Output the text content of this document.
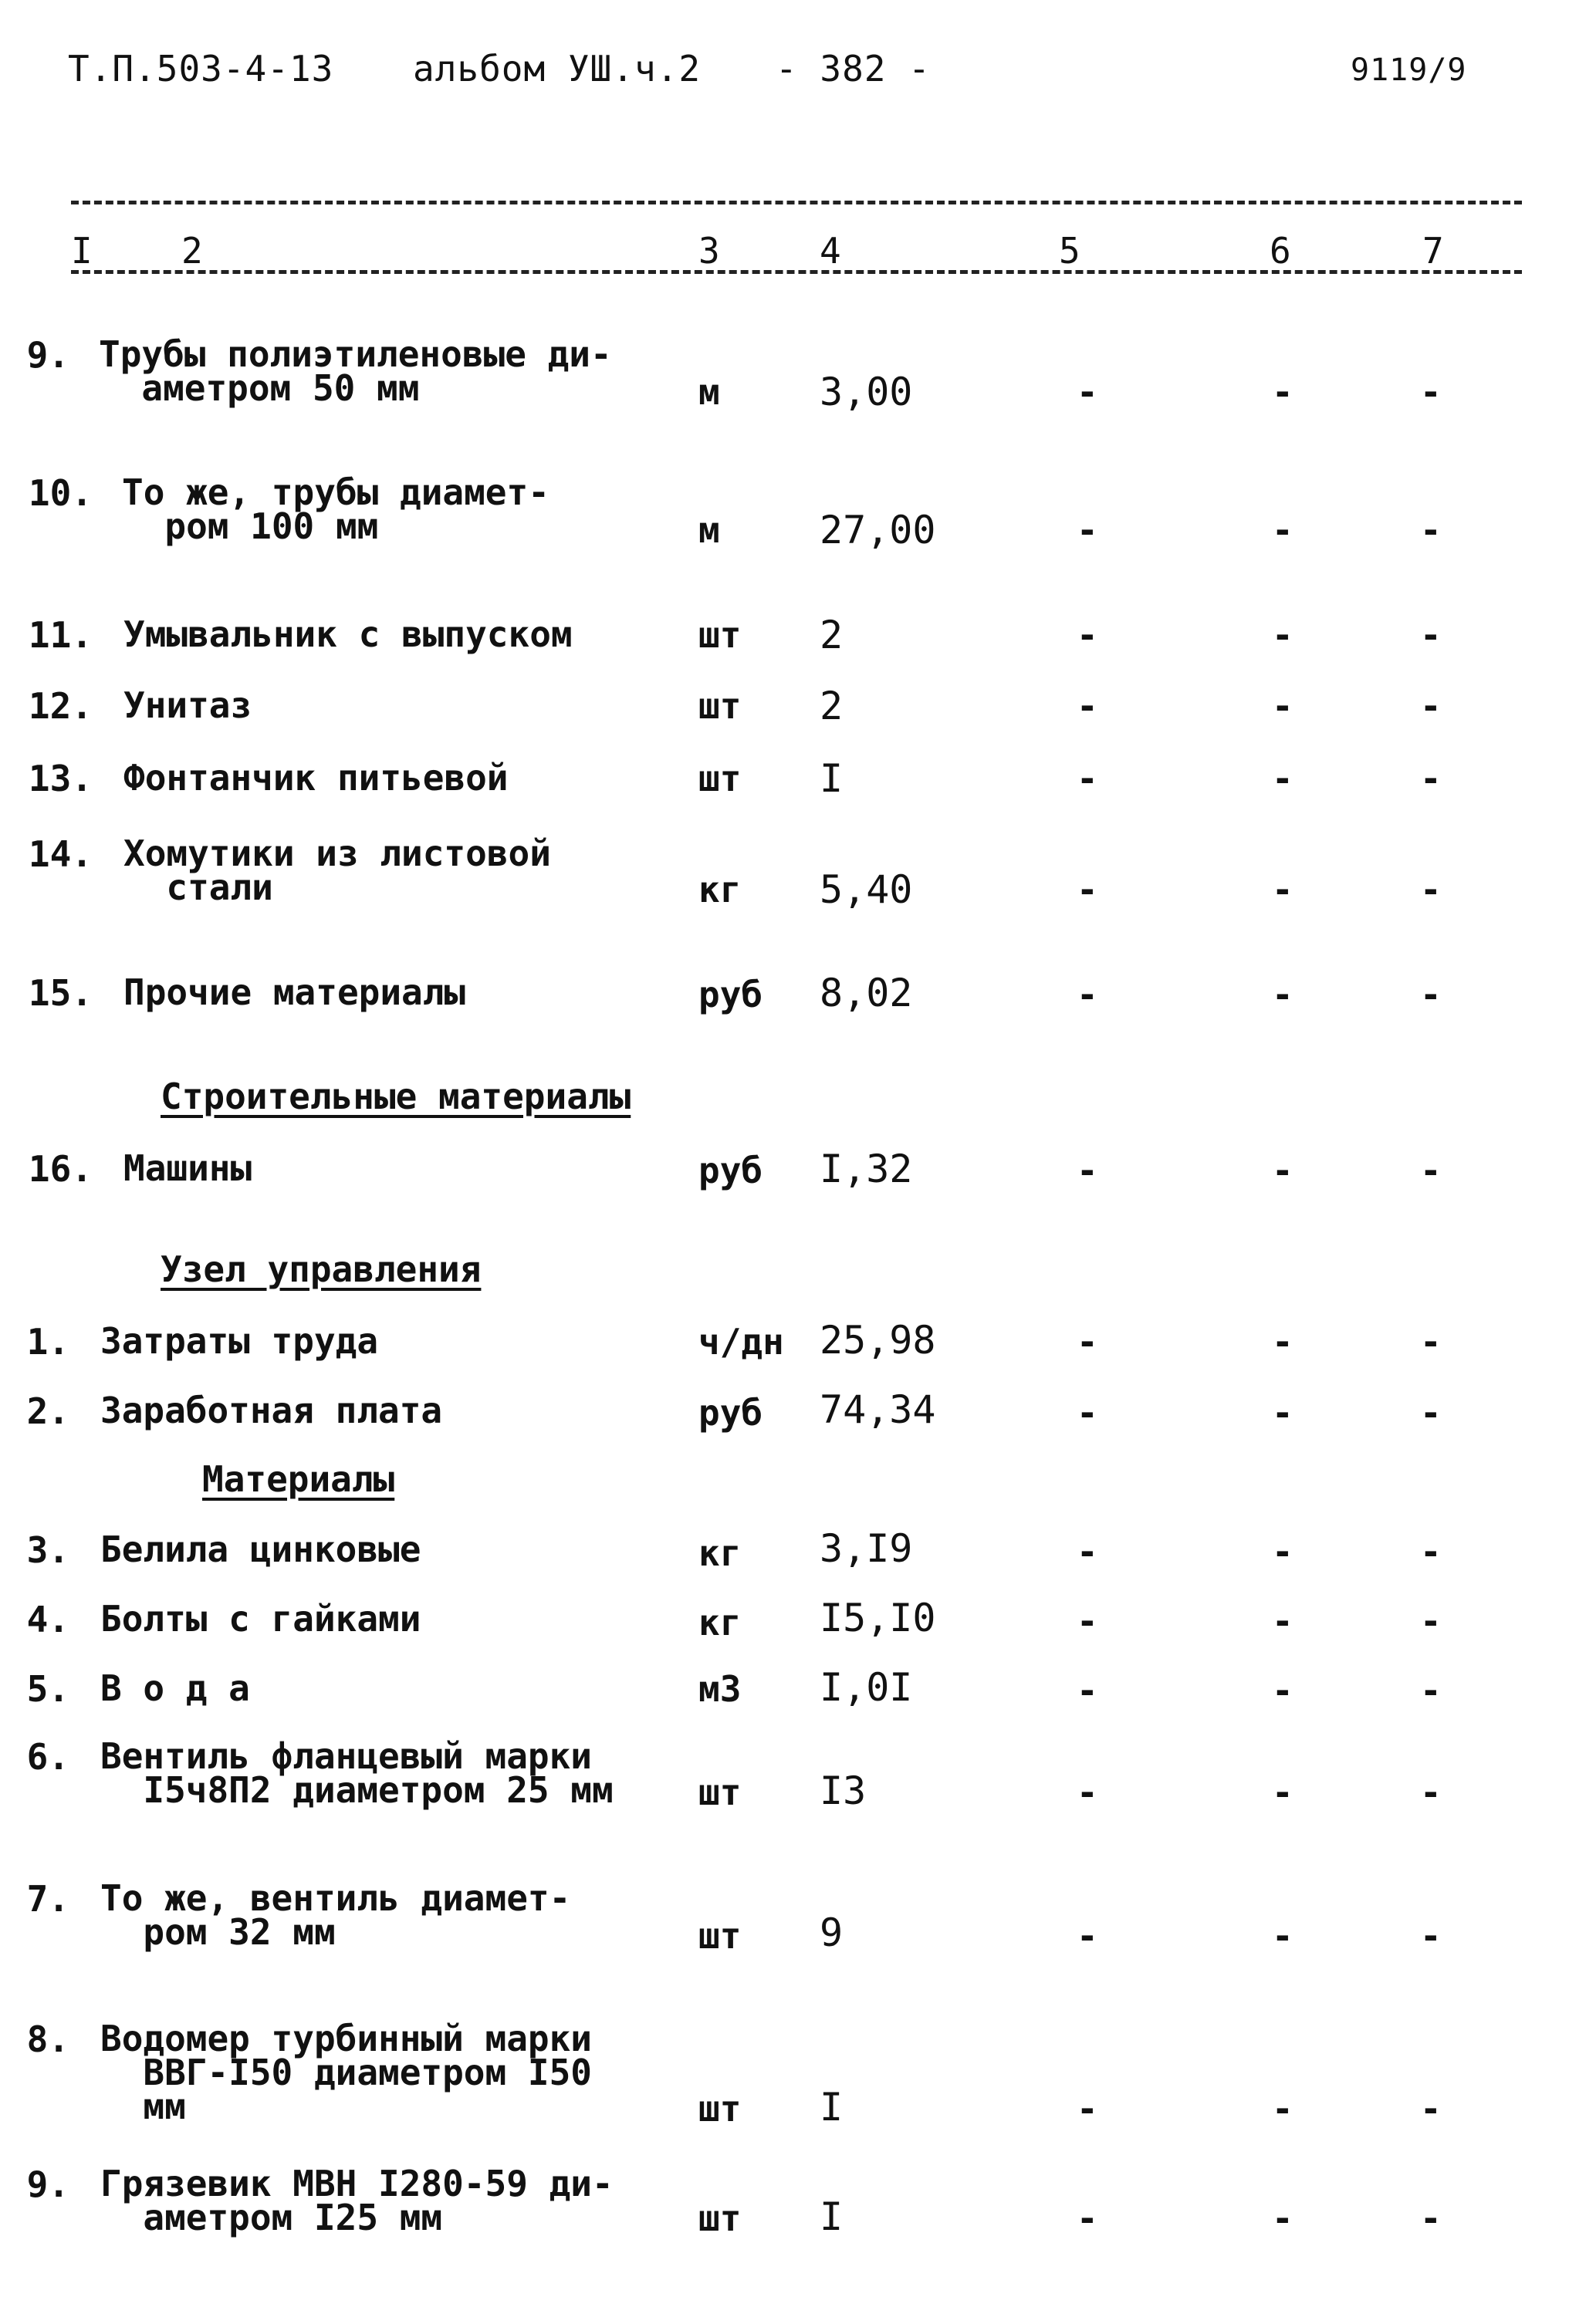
Т.П.503-4-13 альбом УШ.ч.2 - 382 -	9119/9
I	2	3	4	5	6	7
9. Трубы полиэтиленовые ди-
аметром 50 мм	м	3,00	-	-	-
10. То же, трубы диамет-
ром 100 мм	м	27,00	-	-	-
11. Умывальник с выпуском	шт 2	-	-	-
12. Унитаз	шт 2	-	-	-
13. Фонтанчик питьевой	шт I	-	-	-
14. Хомутики из листовой
стали	кг 5,40	-	-	-
15. Прочие материалы	руб 8,02	-	-	-
Строительные материалы
16. Машины	руб I,32	-	-	-
Узел управления
1. Затраты труда	ч/дн 25,98	-	-	-
2. Заработная плата	руб 74,34	-	-	-
Материалы
3. Белила цинковые	кг 3,I9	-	-	-
4. Болты с гайками	кг I5,I0	-	-	-
5. В о д а	м3 I,0I	-	-	-
6. Вентиль фланцевый марки
I5ч8П2 диаметром 25 мм шт I3	-	-	-
7. То же, вентиль диамет-
ром 32 мм	шт 9	-	-	-
8. Водомер турбинный марки
ВВГ-I50 диаметром I50
мм	шт I	-	-	-
9. Грязевик МВН I280-59 ди-
аметром I25 мм	шт I	-	-	-
